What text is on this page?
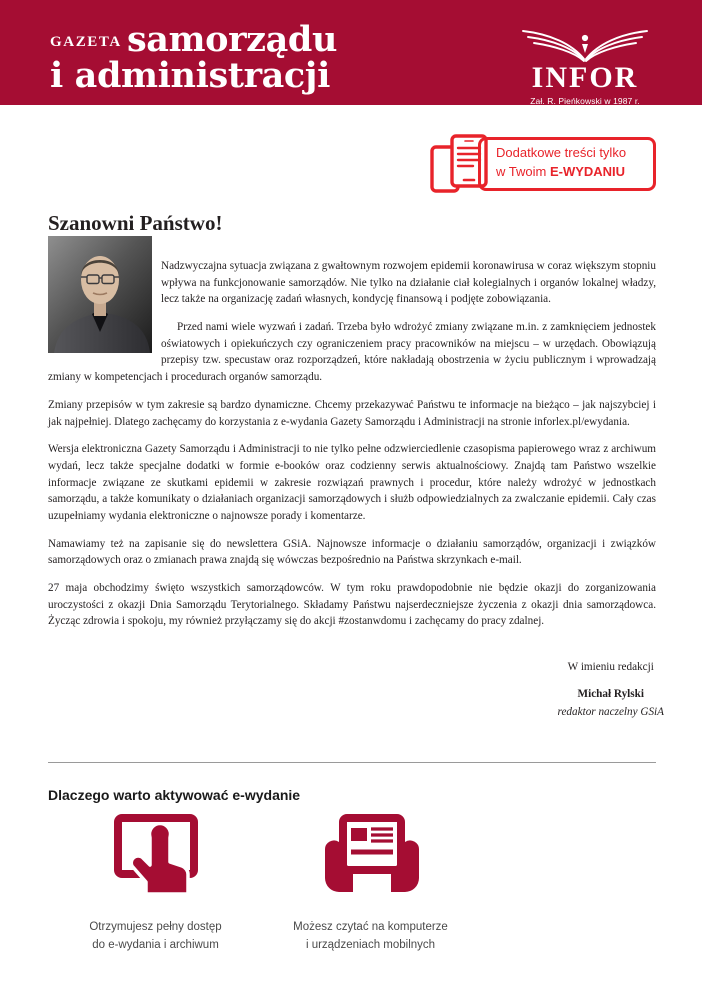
GAZETA samorządu
i administracji	INFOR
Zał. R. Pieńkowski w 1987 r.
Dodatkowe treści tylko
w Twoim E-WYDANIU
Szanowni Państwo!

Nadzwyczajna sytuacja związana z gwałtownym rozwojem epidemii koronawirusa w coraz większym stopniu wpływa na funkcjonowanie samorządów. Nie tylko na działanie ciał kolegialnych i organów lokalnej władzy, lecz także na organizację zadań własnych, kondycję finansową i podjęte zobowiązania.

Przed nami wiele wyzwań i zadań. Trzeba było wdrożyć zmiany związane m.in. z zamknięciem jednostek oświatowych i opiekuńczych czy ograniczeniem pracy pracowników na miejscu – w urzędach. Obowiązują przepisy tzw. specustaw oraz rozporządzeń, które nakładają obostrzenia w życiu publicznym i wprowadzają zmiany w kompetencjach i procedurach organów samorządu.

Zmiany przepisów w tym zakresie są bardzo dynamiczne. Chcemy przekazywać Państwu te informacje na bieżąco – jak najszybciej i jak najpełniej. Dlatego zachęcamy do korzystania z e-wydania Gazety Samorządu i Administracji na stronie inforlex.pl/ewydania.

Wersja elektroniczna Gazety Samorządu i Administracji to nie tylko pełne odzwierciedlenie czasopisma papierowego wraz z archiwum wydań, lecz także specjalne dodatki w formie e-booków oraz codzienny serwis aktualnościowy. Znajdą tam Państwo wszelkie informacje związane ze skutkami epidemii w zakresie rozwiązań prawnych i procedur, które należy wdrożyć w jednostkach samorządu, a także komunikaty o działaniach organizacji samorządowych i służb odpowiedzialnych za zwalczanie epidemii. Cały czas uzupełniamy wydania elektroniczne o najnowsze porady i komentarze.

Namawiamy też na zapisanie się do newslettera GSiA. Najnowsze informacje o działaniu samorządów, organizacji i związków samorządowych oraz o zmianach prawa znajdą się wówczas bezpośrednio na Państwa skrzynkach e-mail.

27 maja obchodzimy święto wszystkich samorządowców. W tym roku prawdopodobnie nie będzie okazji do zorganizowania uroczystości z okazji Dnia Samorządu Terytorialnego. Składamy Państwu najserdeczniejsze życzenia z okazji dnia samorządowca. Życząc zdrowia i spokoju, my również przyłączamy się do akcji #zostanwdomu i zachęcamy do pracy zdalnej.

W imieniu redakcji
Michał Rylski
redaktor naczelny GSiA
Dlaczego warto aktywować e-wydanie
Otrzymujesz pełny dostęp
do e-wydania i archiwum
Możesz czytać na komputerze
i urządzeniach mobilnych
